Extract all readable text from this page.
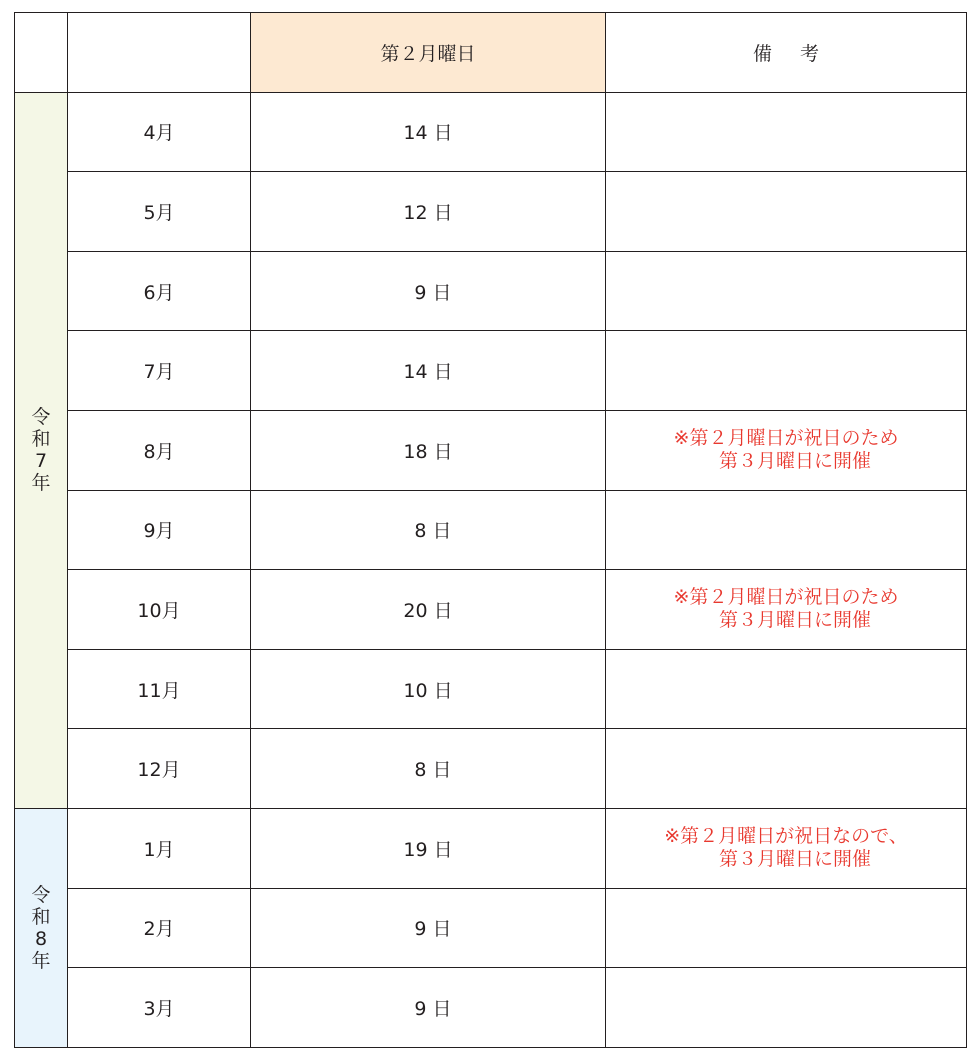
		第２月曜日	備 考

令
和
7
年	4月	14 日	

	5月	12 日	

	6月	9 日	

	7月	14 日	

	8月	18 日	※第２月曜日が祝日のため
第３月曜日に開催

	9月	8 日	

	10月	20 日	※第２月曜日が祝日のため
第３月曜日に開催

	11月	10 日	

	12月	8 日	

令
和
8
年	1月	19 日	※第２月曜日が祝日なので、
第３月曜日に開催

	2月	9 日	

	3月	9 日	
